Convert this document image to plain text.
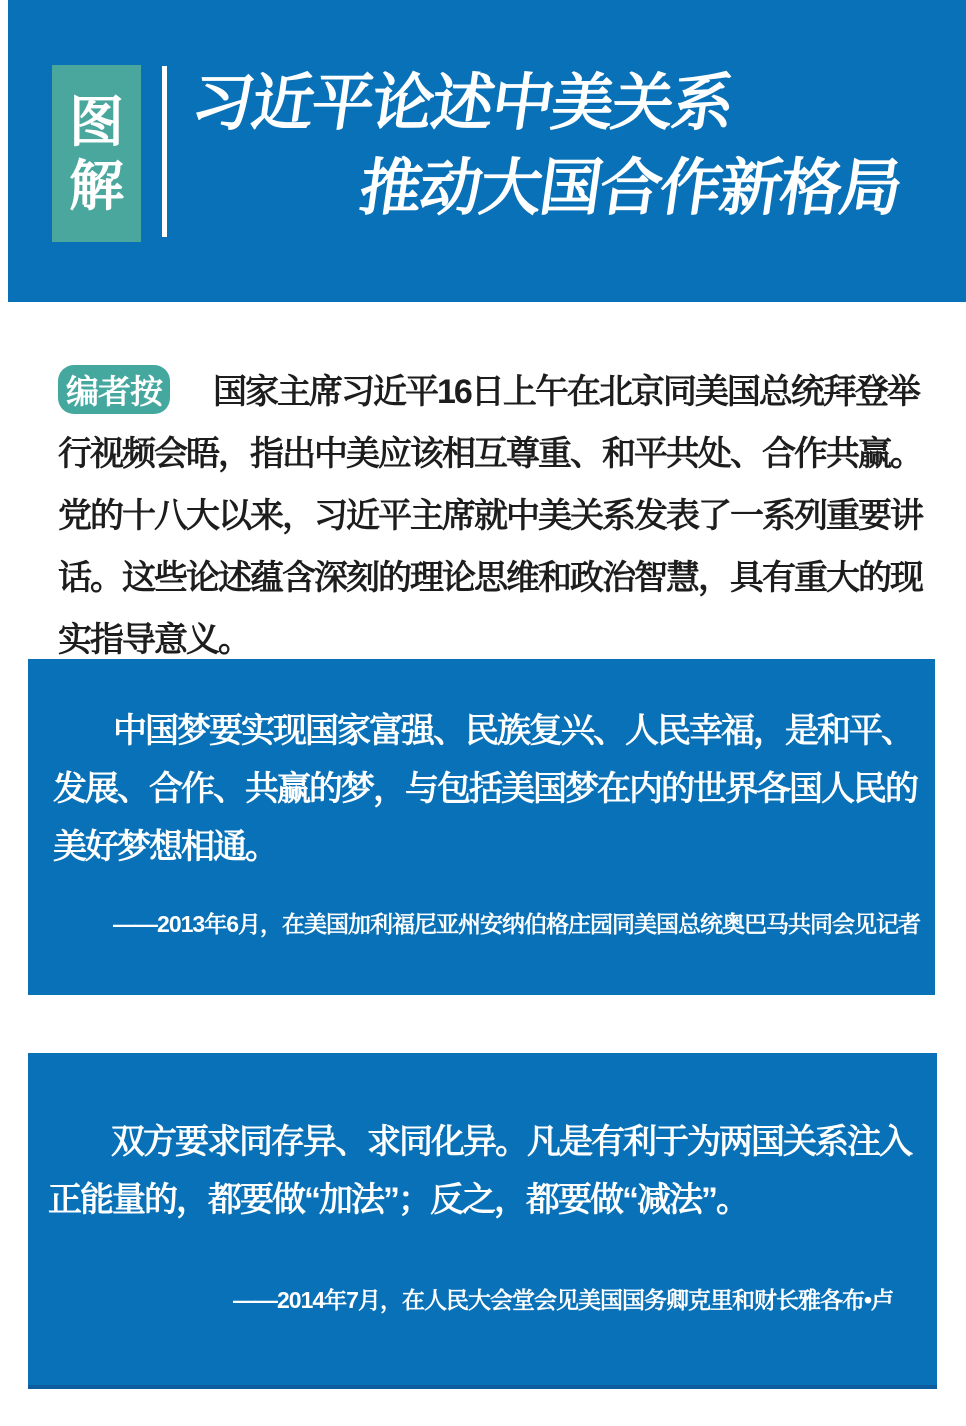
图
解
习近平论述中美关系
推动大国合作新格局
编者按	国家主席习近平16日上午在北京同美国总统拜登举
行视频会晤，指出中美应该相互尊重、和平共处、合作共赢。
党的十八大以来，习近平主席就中美关系发表了一系列重要讲
话。这些论述蕴含深刻的理论思维和政治智慧，具有重大的现
实指导意义。
中国梦要实现国家富强、民族复兴、人民幸福，是和平、
发展、合作、共赢的梦，与包括美国梦在内的世界各国人民的
美好梦想相通。
——2013年6月，在美国加利福尼亚州安纳伯格庄园同美国总统奥巴马共同会见记者
双方要求同存异、求同化异。凡是有利于为两国关系注入
正能量的，都要做“加法”；反之，都要做“减法”。
——2014年7月，在人民大会堂会见美国国务卿克里和财长雅各布•卢
